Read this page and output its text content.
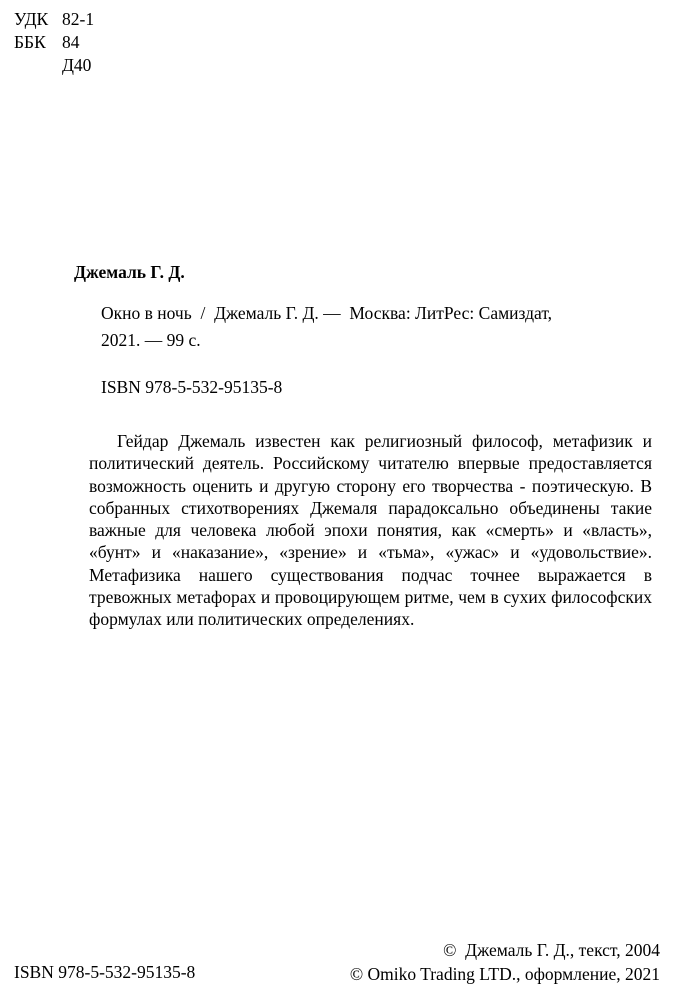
УДК 82-1
ББК 84
Д40
Джемаль Г. Д.
Окно в ночь  /  Джемаль Г. Д. —  Москва: ЛитРес: Самиздат,
2021. — 99 с.
ISBN 978-5-532-95135-8

Гейдар Джемаль известен как религиозный философ, метафизик и политический деятель. Российскому читателю впервые предоставляется возможность оценить и другую сторону его творчества - поэтическую. В собранных стихотворениях Джемаля парадоксально объединены такие важные для человека любой эпохи понятия, как «смерть» и «власть», «бунт» и «наказание», «зрение» и «тьма», «ужас» и «удовольствие». Метафизика нашего существования подчас точнее выражается в тревожных метафорах и провоцирующем ритме, чем в сухих философских формулах или политических определениях.

ISBN 978-5-532-95135-8
©  Джемаль Г. Д., текст, 2004
© Omiko Trading LTD., оформление, 2021
